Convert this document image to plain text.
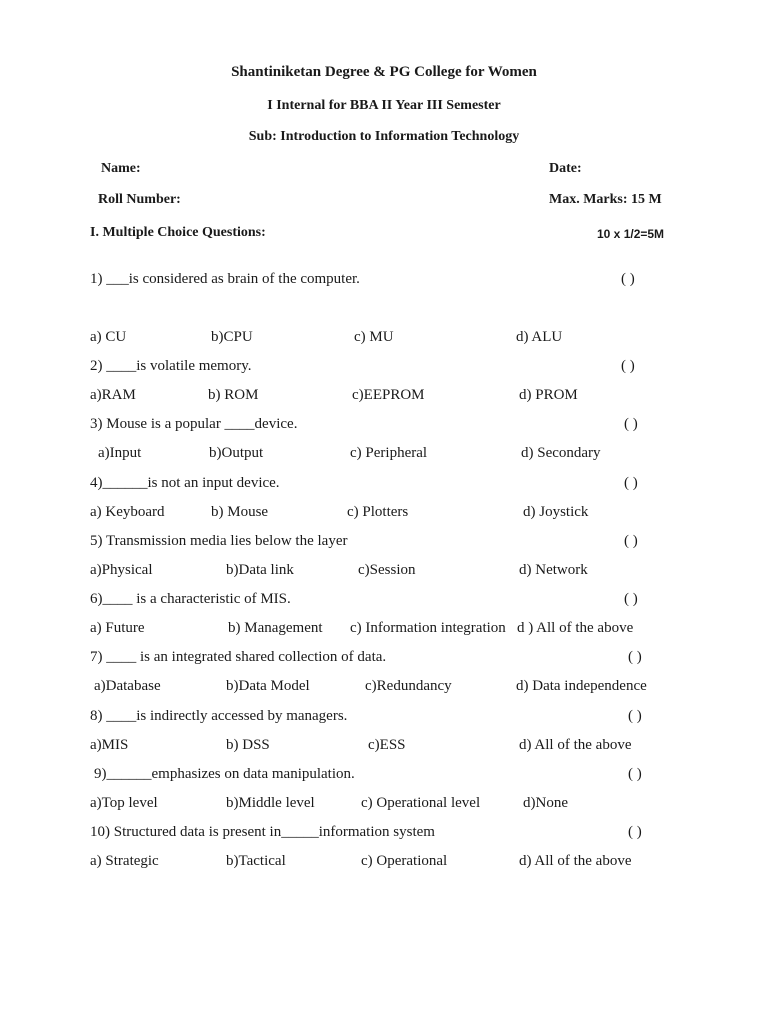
Shantiniketan Degree & PG College for Women
I Internal for BBA II Year III Semester
Sub: Introduction to Information Technology
Name:	Date:
Roll Number:	Max. Marks: 15 M
I. Multiple Choice Questions:	10 x 1/2=5M
1) ___is considered as brain of the computer.	( )
a) CU	b)CPU	c) MU	d) ALU
2) ____is volatile memory.	( )
a)RAM	b) ROM	c)EEPROM	d) PROM
3) Mouse is a popular ____device.	( )
a)Input	b)Output	c) Peripheral	d) Secondary
4)______is not an input device.	( )
a) Keyboard	b) Mouse	c) Plotters	d) Joystick
5) Transmission media lies below the layer	( )
a)Physical	b)Data link	c)Session	d) Network
6)____ is a characteristic of MIS.	( )
a) Future	b) Management c) Information integration d ) All of the above
7) ____ is an integrated shared collection of data.	( )
a)Database	b)Data Model	c)Redundancy	d) Data independence
8) ____is indirectly accessed by managers.	( )
a)MIS	b) DSS	c)ESS	d) All of the above
9)______emphasizes on data manipulation.	( )
a)Top level	b)Middle level	c) Operational level	d)None
10) Structured data is present in_____information system	( )
a) Strategic	b)Tactical	c) Operational	d) All of the above
